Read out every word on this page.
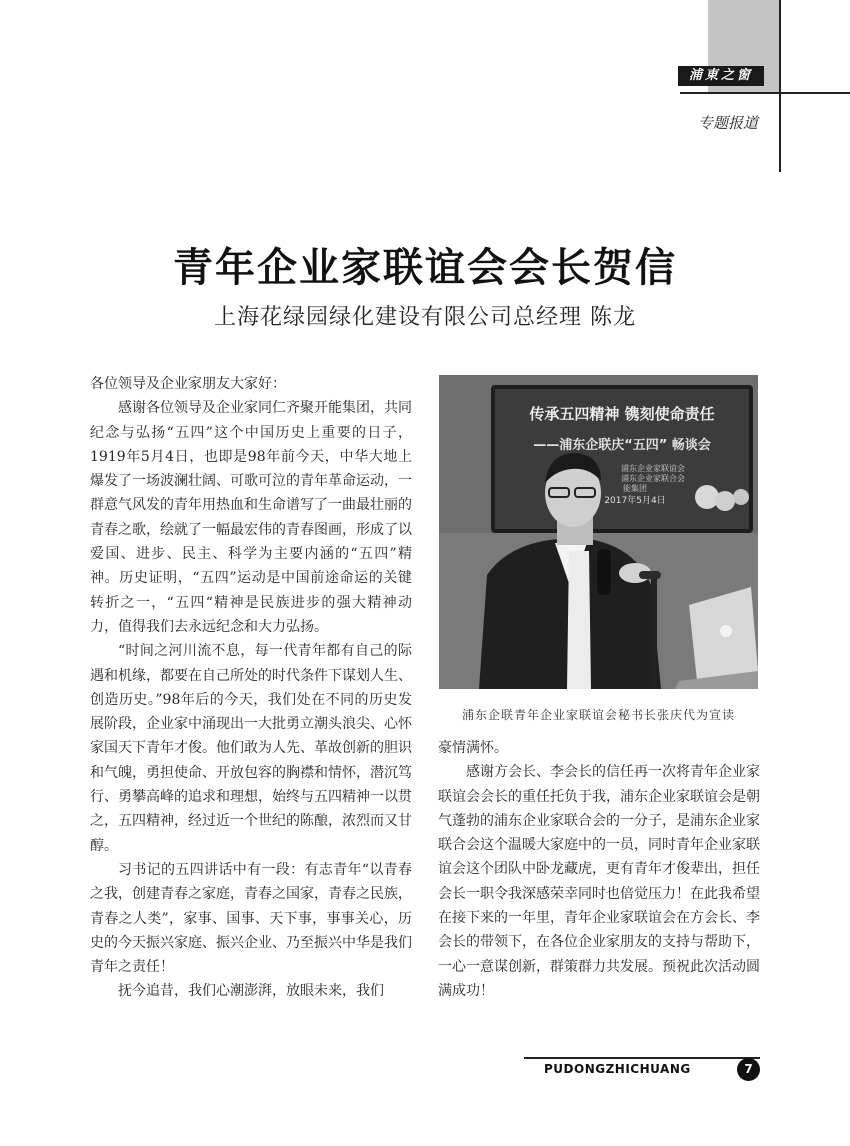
浦東之窗
专题报道
青年企业家联谊会会长贺信
上海花绿园绿化建设有限公司总经理 陈龙

各位领导及企业家朋友大家好：

感谢各位领导及企业家同仁齐聚开能集团，共同纪念与弘扬“五四”这个中国历史上重要的日子，1919年5月4日，也即是98年前今天，中华大地上爆发了一场波澜壮阔、可歌可泣的青年革命运动，一群意气风发的青年用热血和生命谱写了一曲最壮丽的青春之歌，绘就了一幅最宏伟的青春图画，形成了以爱国、进步、民主、科学为主要内涵的“五四”精神。历史证明，“五四”运动是中国前途命运的关键转折之一，“五四“精神是民族进步的强大精神动力，值得我们去永远纪念和大力弘扬。

“时间之河川流不息，每一代青年都有自己的际遇和机缘，都要在自己所处的时代条件下谋划人生、创造历史。”98年后的今天，我们处在不同的历史发展阶段，企业家中涌现出一大批勇立潮头浪尖、心怀家国天下青年才俊。他们敢为人先、革故创新的胆识和气魄，勇担使命、开放包容的胸襟和情怀，潜沉笃行、勇攀高峰的追求和理想，始终与五四精神一以贯之，五四精神，经过近一个世纪的陈酿，浓烈而又甘醇。

习书记的五四讲话中有一段：有志青年“以青春之我，创建青春之家庭，青春之国家，青春之民族，青春之人类”，家事、国事、天下事，事事关心，历史的今天振兴家庭、振兴企业、乃至振兴中华是我们青年之责任！

抚今追昔，我们心潮澎湃，放眼未来，我们

传承五四精神 镌刻使命责任
——浦东企联庆“五四” 畅谈会
浦东企业家联谊会
浦东企业家联合会
能集团
2017年5月4日
浦东企联青年企业家联谊会秘书长张庆代为宣读

豪情满怀。

感谢方会长、李会长的信任再一次将青年企业家联谊会会长的重任托负于我，浦东企业家联谊会是朝气蓬勃的浦东企业家联合会的一分子，是浦东企业家联合会这个温暖大家庭中的一员，同时青年企业家联谊会这个团队中卧龙藏虎，更有青年才俊辈出，担任会长一职令我深感荣幸同时也倍觉压力！在此我希望在接下来的一年里，青年企业家联谊会在方会长、李会长的带领下，在各位企业家朋友的支持与帮助下，一心一意谋创新，群策群力共发展。预祝此次活动圆满成功！

PUDONGZHICHUANG	7
